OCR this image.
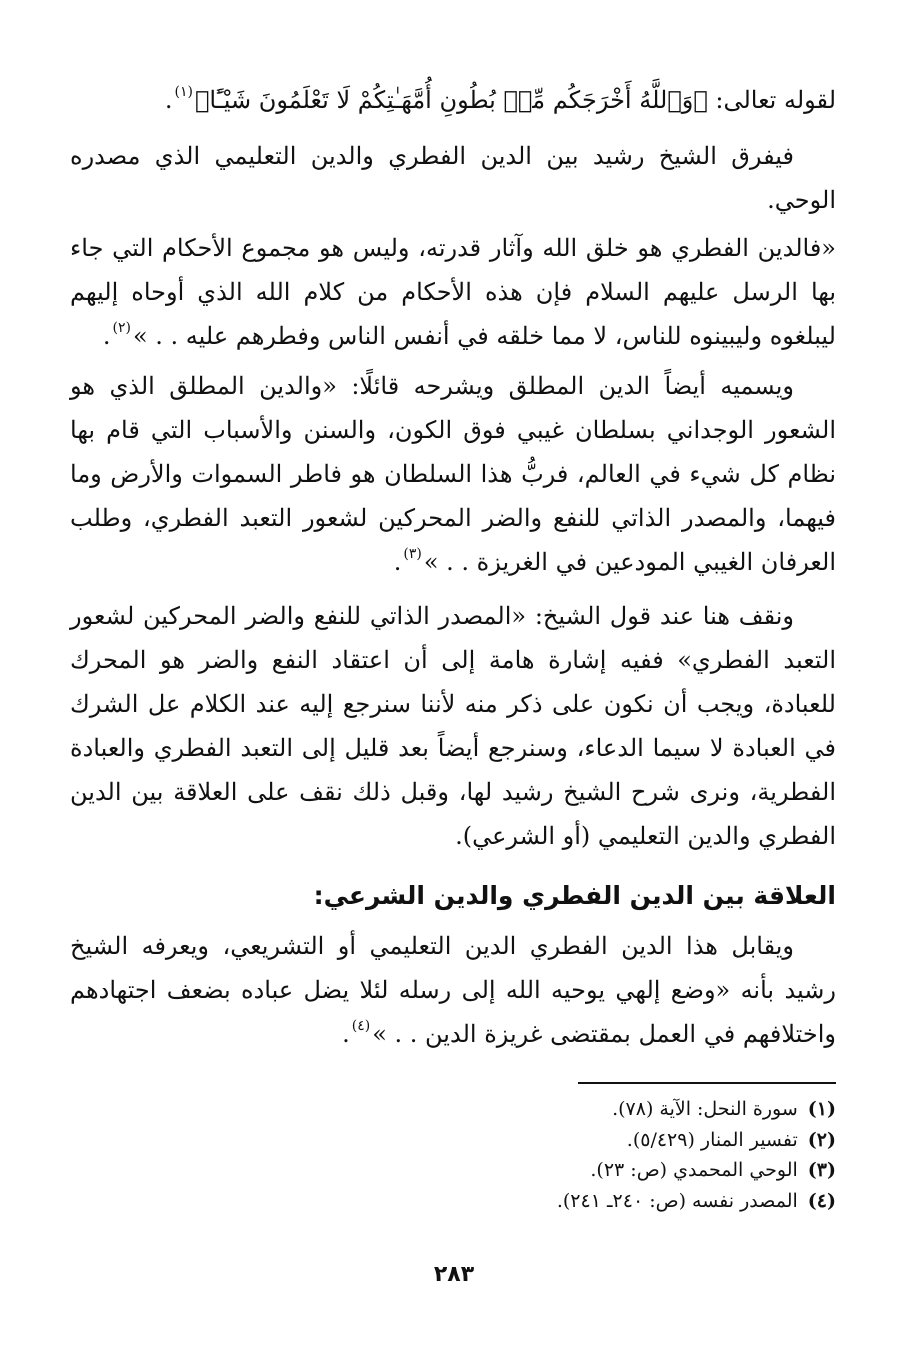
لقوله تعالى: ﴿وَٱللَّهُ أَخْرَجَكُم مِّنۢ بُطُونِ أُمَّهَـٰتِكُمْ لَا تَعْلَمُونَ شَيْـًٔا﴾$^{(١)}$.

فيفرق الشيخ رشيد بين الدين الفطري والدين التعليمي الذي مصدره الوحي.

«فالدين الفطري هو خلق الله وآثار قدرته، وليس هو مجموع الأحكام التي جاء بها الرسل عليهم السلام فإن هذه الأحكام من كلام الله الذي أوحاه إليهم ليبلغوه وليبينوه للناس، لا مما خلقه في أنفس الناس وفطرهم عليه . . »$^{(٢)}$.

ويسميه أيضاً الدين المطلق ويشرحه قائلًا: «والدين المطلق الذي هو الشعور الوجداني بسلطان غيبي فوق الكون، والسنن والأسباب التي قام بها نظام كل شيء في العالم، فربُّ هذا السلطان هو فاطر السموات والأرض وما فيهما، والمصدر الذاتي للنفع والضر المحركين لشعور التعبد الفطري، وطلب العرفان الغيبي المودعين في الغريزة . . »$^{(٣)}$.

ونقف هنا عند قول الشيخ: «المصدر الذاتي للنفع والضر المحركين لشعور التعبد الفطري» ففيه إشارة هامة إلى أن اعتقاد النفع والضر هو المحرك للعبادة، ويجب أن نكون على ذكر منه لأننا سنرجع إليه عند الكلام عل الشرك في العبادة لا سيما الدعاء، وسنرجع أيضاً بعد قليل إلى التعبد الفطري والعبادة الفطرية، ونرى شرح الشيخ رشيد لها، وقبل ذلك نقف على العلاقة بين الدين الفطري والدين التعليمي (أو الشرعي).

العلاقة بين الدين الفطري والدين الشرعي:

ويقابل هذا الدين الفطري الدين التعليمي أو التشريعي، ويعرفه الشيخ رشيد بأنه «وضع إلهي يوحيه الله إلى رسله لئلا يضل عباده بضعف اجتهادهم واختلافهم في العمل بمقتضى غريزة الدين . . »$^{(٤)}$.

(١)
سورة النحل: الآية (٧٨).
(٢)
تفسير المنار (٥/٤٢٩).
(٣)
الوحي المحمدي (ص: ٢٣).
(٤)
المصدر نفسه (ص: ٢٤٠ـ ٢٤١).
٢٨٣
